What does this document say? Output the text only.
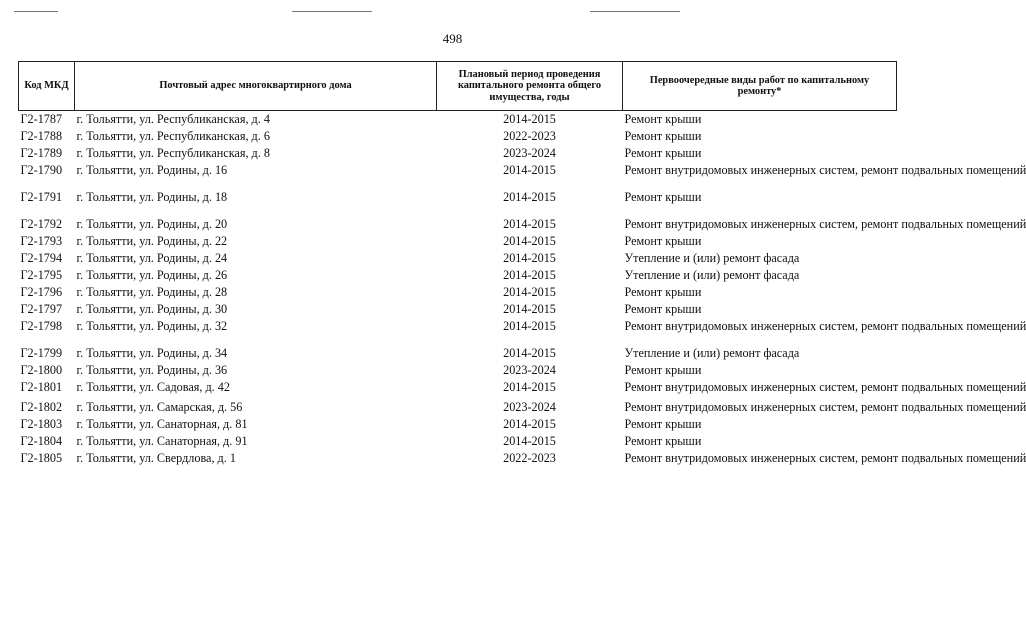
498
Код МКД	Почтовый адрес многоквартирного дома	Плановый период проведения капитального ремонта общего имущества, годы	Первоочередные виды работ по капитальному ремонту*
Г2-1787	г. Тольятти, ул. Республиканская, д. 4	2014-2015	Ремонт крыши
Г2-1788	г. Тольятти, ул. Республиканская, д. 6	2022-2023	Ремонт крыши
Г2-1789	г. Тольятти, ул. Республиканская, д. 8	2023-2024	Ремонт крыши
Г2-1790	г. Тольятти, ул. Родины, д. 16	2014-2015	Ремонт внутридомовых инженерных систем, ремонт подвальных помещений
Г2-1791	г. Тольятти, ул. Родины, д. 18	2014-2015	Ремонт крыши
Г2-1792	г. Тольятти, ул. Родины, д. 20	2014-2015	Ремонт внутридомовых инженерных систем, ремонт подвальных помещений
Г2-1793	г. Тольятти, ул. Родины, д. 22	2014-2015	Ремонт крыши
Г2-1794	г. Тольятти, ул. Родины, д. 24	2014-2015	Утепление и (или) ремонт фасада
Г2-1795	г. Тольятти, ул. Родины, д. 26	2014-2015	Утепление и (или) ремонт фасада
Г2-1796	г. Тольятти, ул. Родины, д. 28	2014-2015	Ремонт крыши
Г2-1797	г. Тольятти, ул. Родины, д. 30	2014-2015	Ремонт крыши
Г2-1798	г. Тольятти, ул. Родины, д. 32	2014-2015	Ремонт внутридомовых инженерных систем, ремонт подвальных помещений
Г2-1799	г. Тольятти, ул. Родины, д. 34	2014-2015	Утепление и (или) ремонт фасада
Г2-1800	г. Тольятти, ул. Родины, д. 36	2023-2024	Ремонт крыши
Г2-1801	г. Тольятти, ул. Садовая, д. 42	2014-2015	Ремонт внутридомовых инженерных систем, ремонт подвальных помещений
Г2-1802	г. Тольятти, ул. Самарская, д. 56	2023-2024	Ремонт внутридомовых инженерных систем, ремонт подвальных помещений
Г2-1803	г. Тольятти, ул. Санаторная, д. 81	2014-2015	Ремонт крыши
Г2-1804	г. Тольятти, ул. Санаторная, д. 91	2014-2015	Ремонт крыши
Г2-1805	г. Тольятти, ул. Свердлова, д. 1	2022-2023	Ремонт внутридомовых инженерных систем, ремонт подвальных помещений
